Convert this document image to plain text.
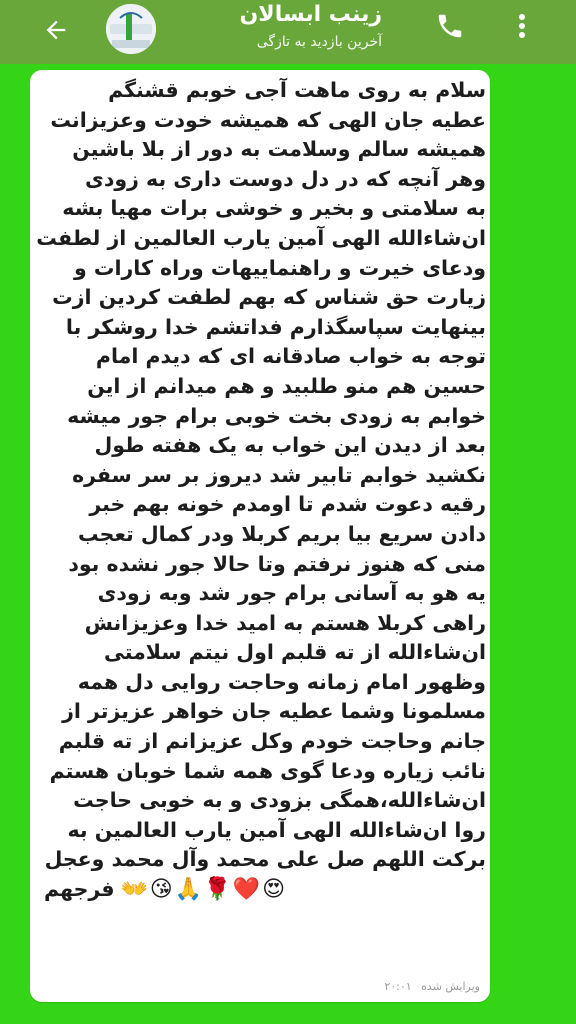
زینب ابسالان
آخرین بازدید به تازگی
سلام به روی ماهت آجی خوبم قشنگم
عطیه جان الهی که همیشه خودت وعزیزانت
همیشه سالم وسلامت به دور از بلا باشین
وهر آنچه که در دل دوست داری به زودی
به سلامتی و بخیر و خوشی برات مهیا بشه
ان‌شاءالله الهی آمین یارب العالمین از لطفت
ودعای خیرت و راهنماییهات وراه کارات و
زیارت حق شناس که بهم لطفت کردین ازت
بینهایت سپاسگذارم فداتشم خدا روشکر با
توجه به خواب صادقانه ای که دیدم امام
حسین هم منو طلبید و هم میدانم از این
خوابم به زودی بخت خوبی برام جور میشه
بعد از دیدن این خواب به یک هفته طول
نکشید خوابم تابیر شد دیروز بر سر سفره
رقیه دعوت شدم تا اومدم خونه بهم خبر
دادن سریع بیا بریم کربلا ودر کمال تعجب
منی که هنوز نرفتم وتا حالا جور نشده بود
یه هو به آسانی برام جور شد وبه زودی
راهی کربلا هستم به امید خدا وعزیزانش
ان‌شاءالله از ته قلبم اول نیتم سلامتی
وظهور امام زمانه وحاجت روایی دل همه
مسلمونا وشما عطیه جان خواهر عزیزتر از
جانم وحاجت خودم وکل عزیزانم از ته قلبم
نائب زیاره ودعا گوی همه شما خوبان هستم
ان‌شاءالله،همگی بزودی و به خوبی حاجت
روا ان‌شاءالله الهی آمین یارب العالمین به
برکت اللهم صل علی محمد وآل محمد وعجل
فرجهم 👐 😘 🙏 🌹 ❤️ 😍
ویرایش شده ۲۰:۰۱
